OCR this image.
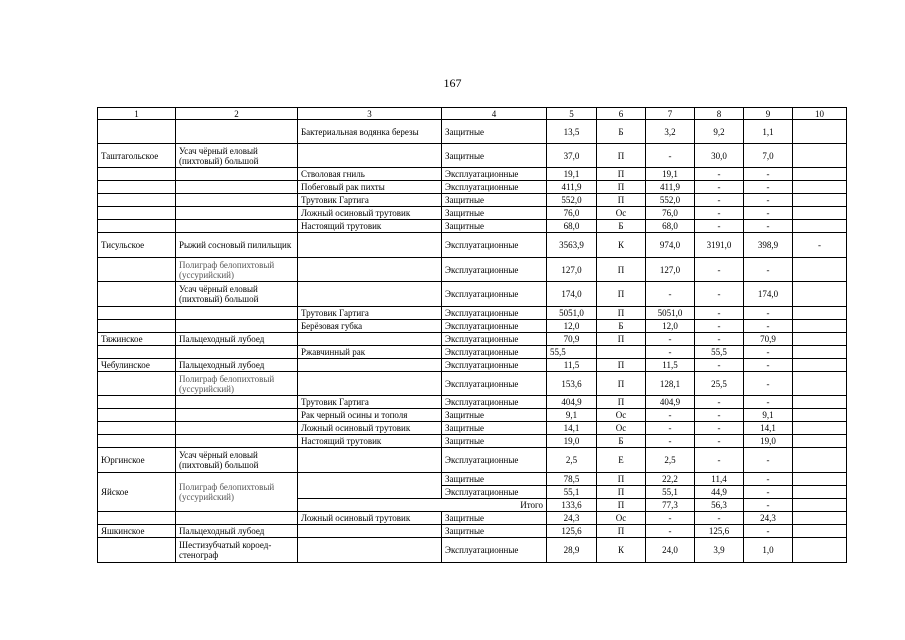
167
1	2	3	4	5	6	7	8	9	10
		Бактериальная водянка березы	Защитные	13,5	Б	3,2	9,2	1,1	
Таштагольское	Усач чёрный еловый (пихтовый) большой		Защитные	37,0	П	-	30,0	7,0	
		Стволовая гниль	Эксплуатационные	19,1	П	19,1	-	-	
		Побеговый рак пихты	Эксплуатационные	411,9	П	411,9	-	-	
		Трутовик Гартига	Защитные	552,0	П	552,0	-	-	
		Ложный осиновый трутовик	Защитные	76,0	Ос	76,0	-	-	
		Настоящий трутовик	Защитные	68,0	Б	68,0	-	-	
Тисульское	Рыжий сосновый пилильщик		Эксплуатационные	3563,9	К	974,0	3191,0	398,9	-
	Полиграф белопихтовый (уссурийский)		Эксплуатационные	127,0	П	127,0	-	-	
	Усач чёрный еловый (пихтовый) большой		Эксплуатационные	174,0	П	-	-	174,0	
		Трутовик Гартига	Эксплуатационные	5051,0	П	5051,0	-	-	
		Берёзовая губка	Эксплуатационные	12,0	Б	12,0	-	-	
Тяжинское	Пальцеходный лубоед		Эксплуатационные	70,9	П	-	-	70,9	
		Ржавчинный рак	Эксплуатационные	55,5		-	55,5	-	
Чебулинское	Пальцеходный лубоед		Эксплуатационные	11,5	П	11,5	-	-	
	Полиграф белопихтовый (уссурийский)		Эксплуатационные	153,6	П	128,1	25,5	-	
		Трутовик Гартига	Эксплуатационные	404,9	П	404,9	-	-	
		Рак черный осины и тополя	Защитные	9,1	Ос	-	-	9,1	
		Ложный осиновый трутовик	Защитные	14,1	Ос	-	-	14,1	
		Настоящий трутовик	Защитные	19,0	Б	-	-	19,0	
Юргинское	Усач чёрный еловый (пихтовый) большой		Эксплуатационные	2,5	Е	2,5	-	-	
Яйское	Полиграф белопихтовый (уссурийский)		Защитные	78,5	П	22,2	11,4	-	
			Эксплуатационные	55,1	П	55,1	44,9	-	
		Итого		133,6	П	77,3	56,3	-	
		Ложный осиновый трутовик	Защитные	24,3	Ос	-	-	24,3	
Яшкинское	Пальцеходный лубоед		Защитные	125,6	П	-	125,6	-	
	Шестизубчатый короед-стенограф		Эксплуатационные	28,9	К	24,0	3,9	1,0	
